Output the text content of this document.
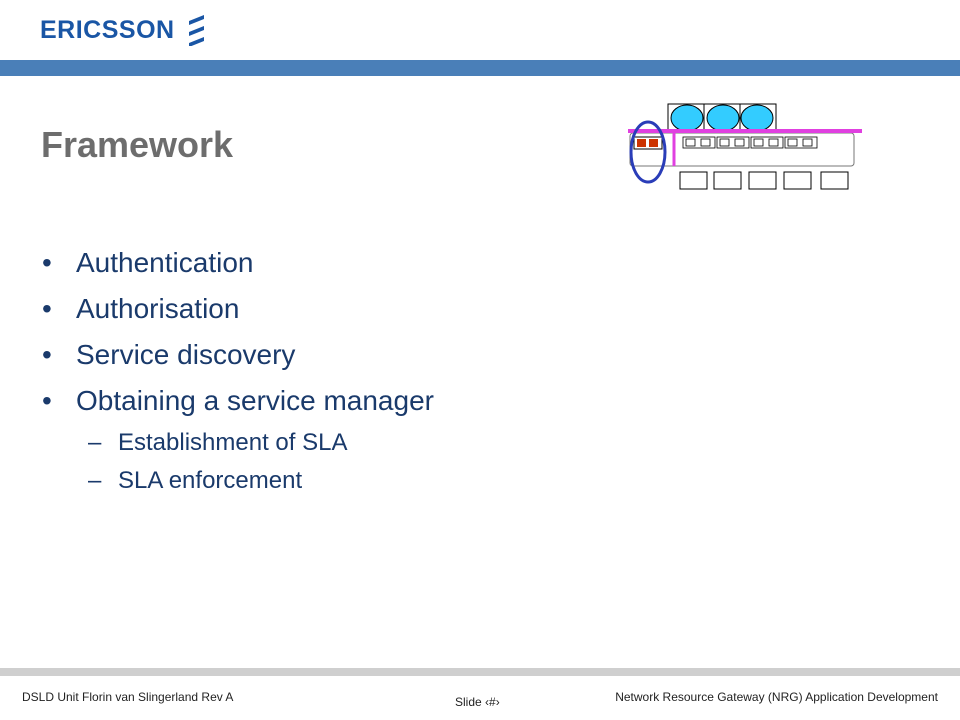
ERICSSON
Framework
• Authentication
• Authorisation
• Service discovery
• Obtaining a service manager
– Establishment of SLA
– SLA enforcement
DSLD Unit Florin van Slingerland Rev A	Slide ‹#›	Network Resource Gateway (NRG) Application Development
